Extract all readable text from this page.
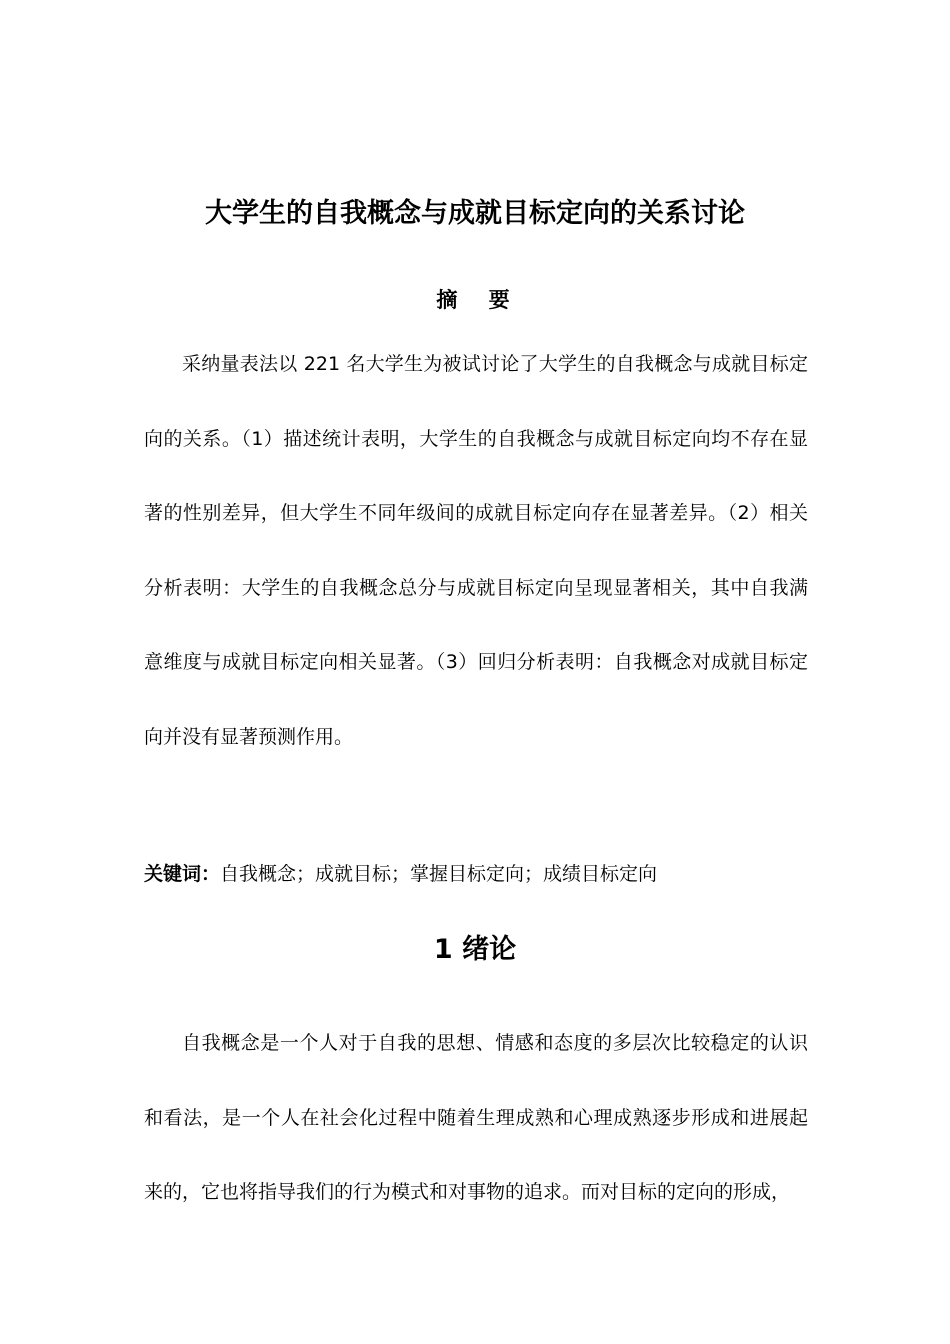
大学生的自我概念与成就目标定向的关系讨论
摘 要

采纳量表法以 221 名大学生为被试讨论了大学生的自我概念与成就目标定向的关系。（1）描述统计表明，大学生的自我概念与成就目标定向均不存在显著的性别差异，但大学生不同年级间的成就目标定向存在显著差异。（2）相关分析表明：大学生的自我概念总分与成就目标定向呈现显著相关，其中自我满意维度与成就目标定向相关显著。（3）回归分析表明：自我概念对成就目标定向并没有显著预测作用。

关键词：自我概念；成就目标；掌握目标定向；成绩目标定向
1 绪论

自我概念是一个人对于自我的思想、情感和态度的多层次比较稳定的认识和看法，是一个人在社会化过程中随着生理成熟和心理成熟逐步形成和进展起来的，它也将指导我们的行为模式和对事物的追求。而对目标的定向的形成，
